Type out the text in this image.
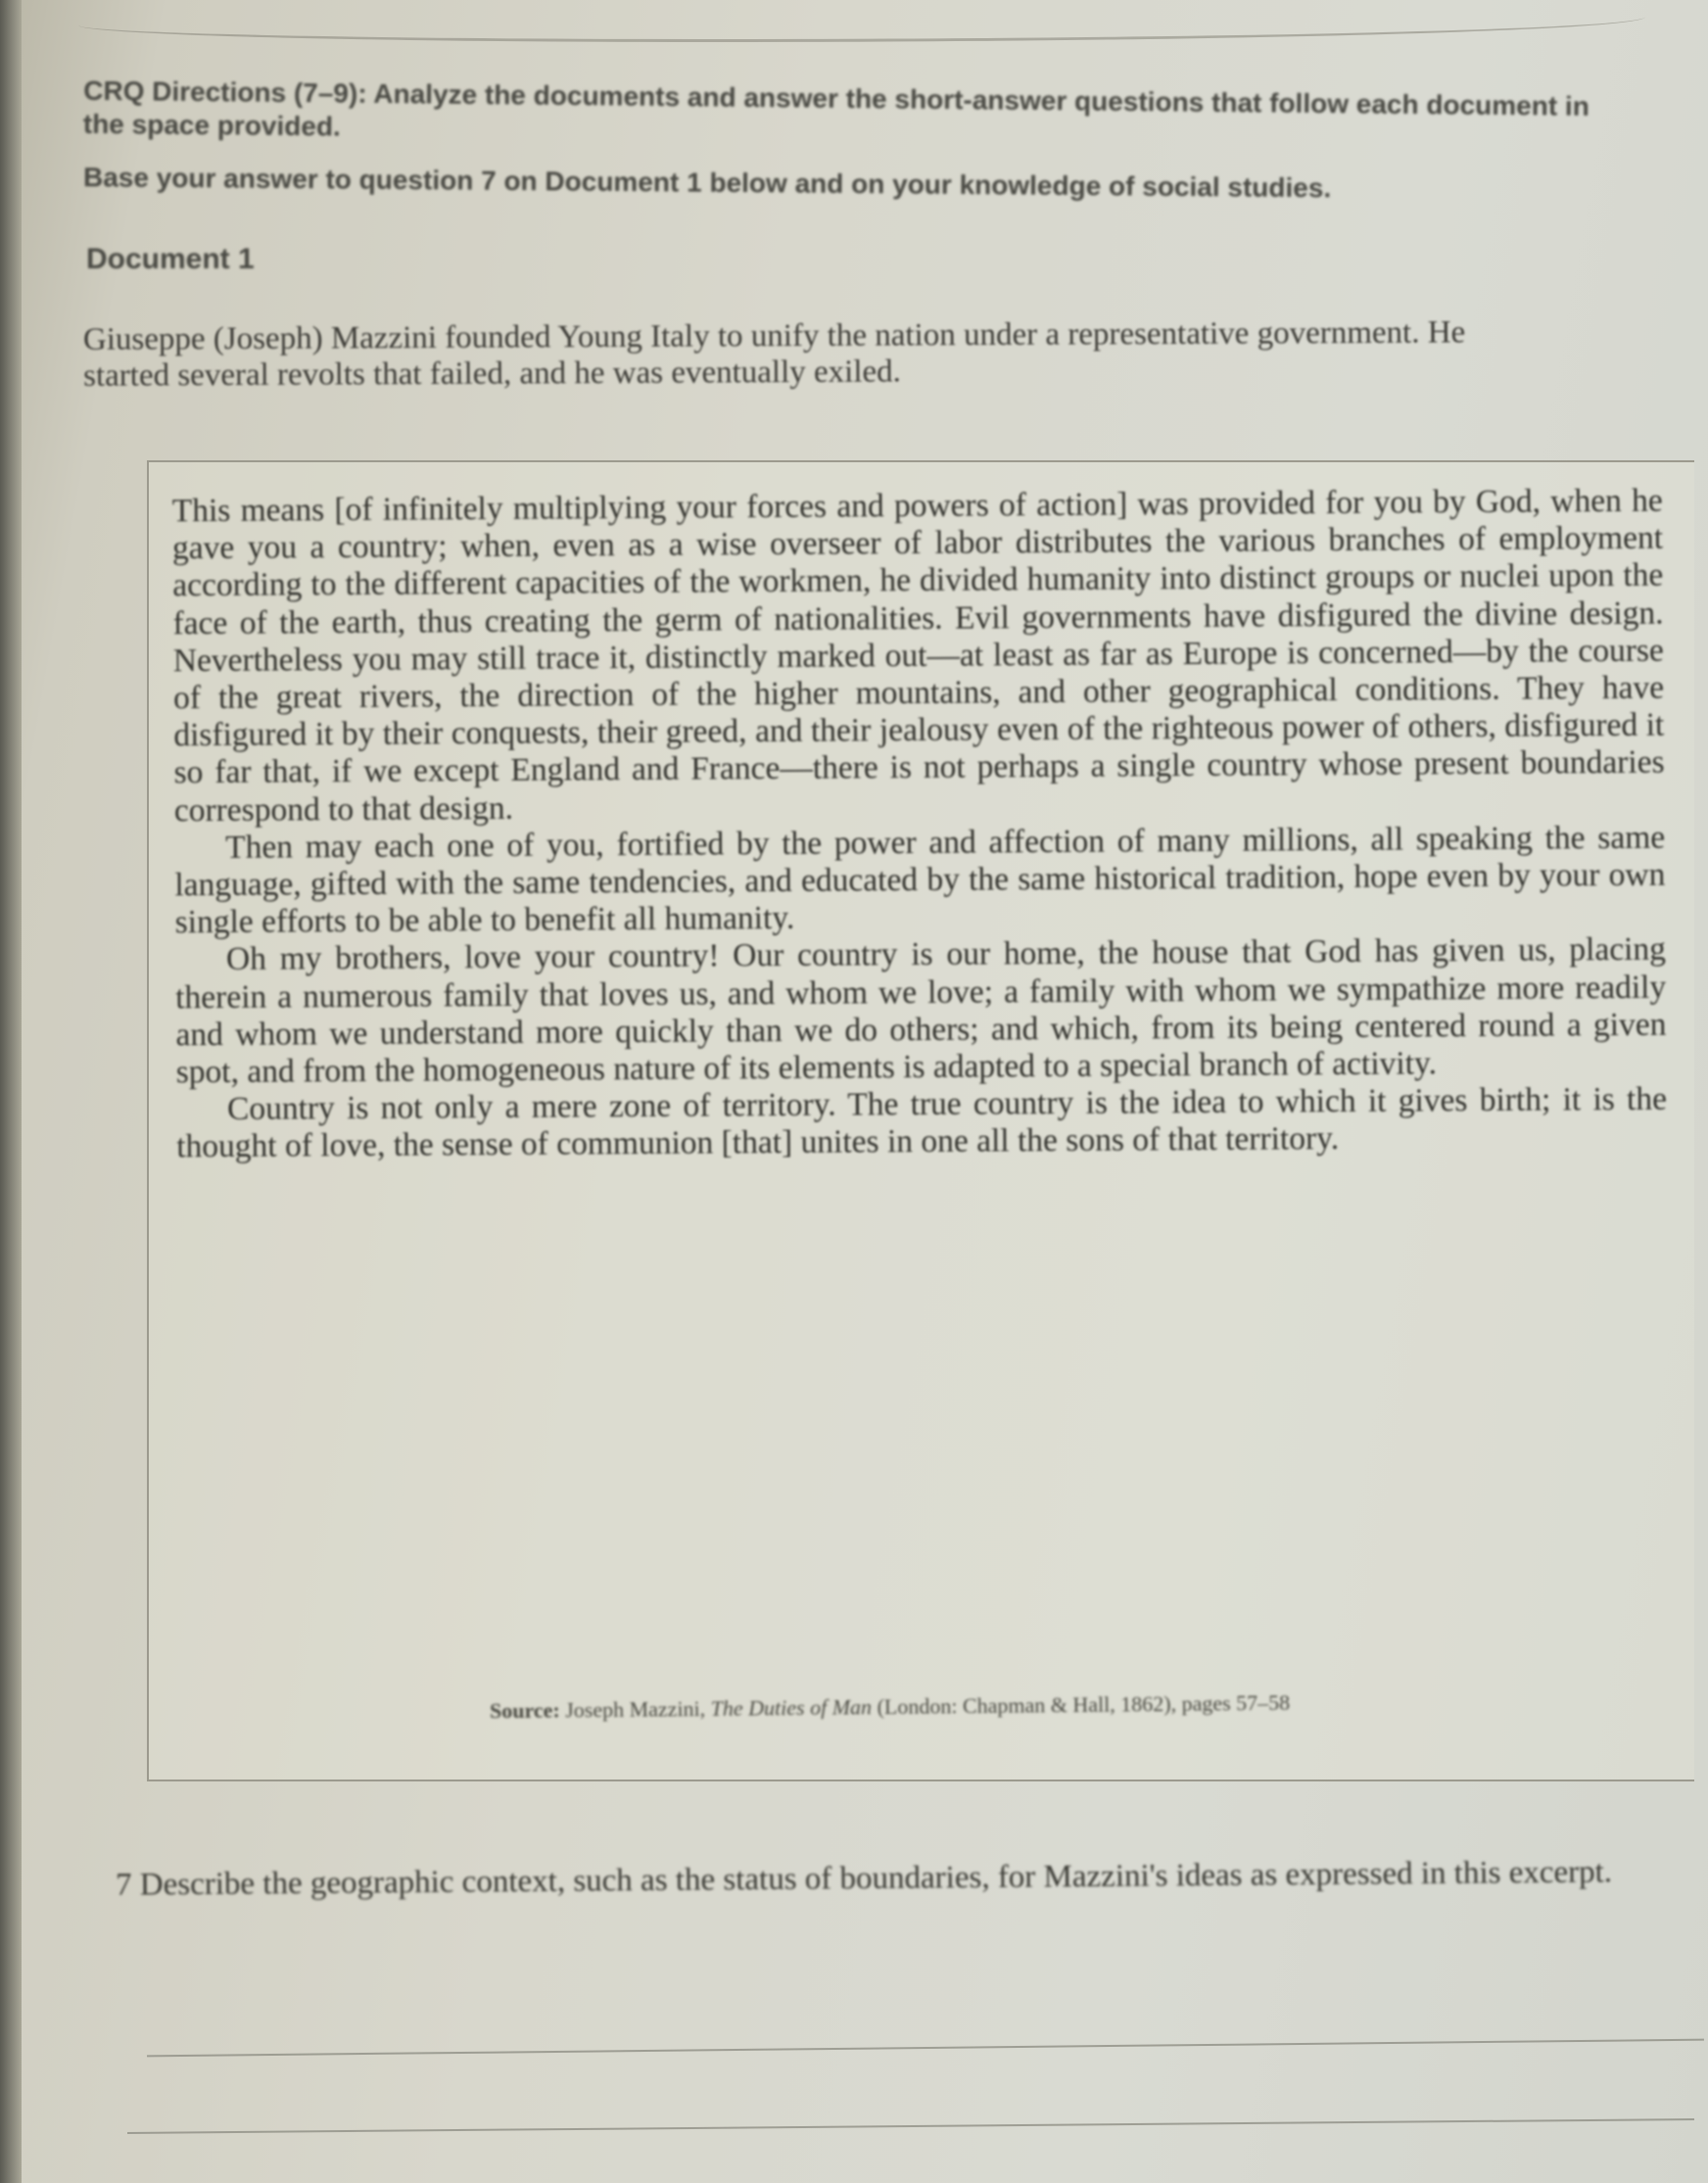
CRQ Directions (7–9): Analyze the documents and answer the short-answer questions that follow each document in the space provided.
Base your answer to question 7 on Document 1 below and on your knowledge of social studies.
Document 1
Giuseppe (Joseph) Mazzini founded Young Italy to unify the nation under a representative government. He started several revolts that failed, and he was eventually exiled.

This means [of infinitely multiplying your forces and powers of action] was provided for you by God, when he gave you a country; when, even as a wise overseer of labor distributes the various branches of employment according to the different capacities of the workmen, he divided humanity into distinct groups or nuclei upon the face of the earth, thus creating the germ of nationalities. Evil governments have disfigured the divine design. Nevertheless you may still trace it, distinctly marked out—at least as far as Europe is concerned—by the course of the great rivers, the direction of the higher mountains, and other geographical conditions. They have disfigured it by their conquests, their greed, and their jealousy even of the righteous power of others, disfigured it so far that, if we except England and France—there is not perhaps a single country whose present boundaries correspond to that design.

Then may each one of you, fortified by the power and affection of many millions, all speaking the same language, gifted with the same tendencies, and educated by the same historical tradition, hope even by your own single efforts to be able to benefit all humanity.

Oh my brothers, love your country! Our country is our home, the house that God has given us, placing therein a numerous family that loves us, and whom we love; a family with whom we sympathize more readily and whom we understand more quickly than we do others; and which, from its being centered round a given spot, and from the homogeneous nature of its elements is adapted to a special branch of activity.

Country is not only a mere zone of territory. The true country is the idea to which it gives birth; it is the thought of love, the sense of communion [that] unites in one all the sons of that territory.

Source: Joseph Mazzini, The Duties of Man (London: Chapman & Hall, 1862), pages 57–58
7 Describe the geographic context, such as the status of boundaries, for Mazzini's ideas as expressed in this excerpt.
